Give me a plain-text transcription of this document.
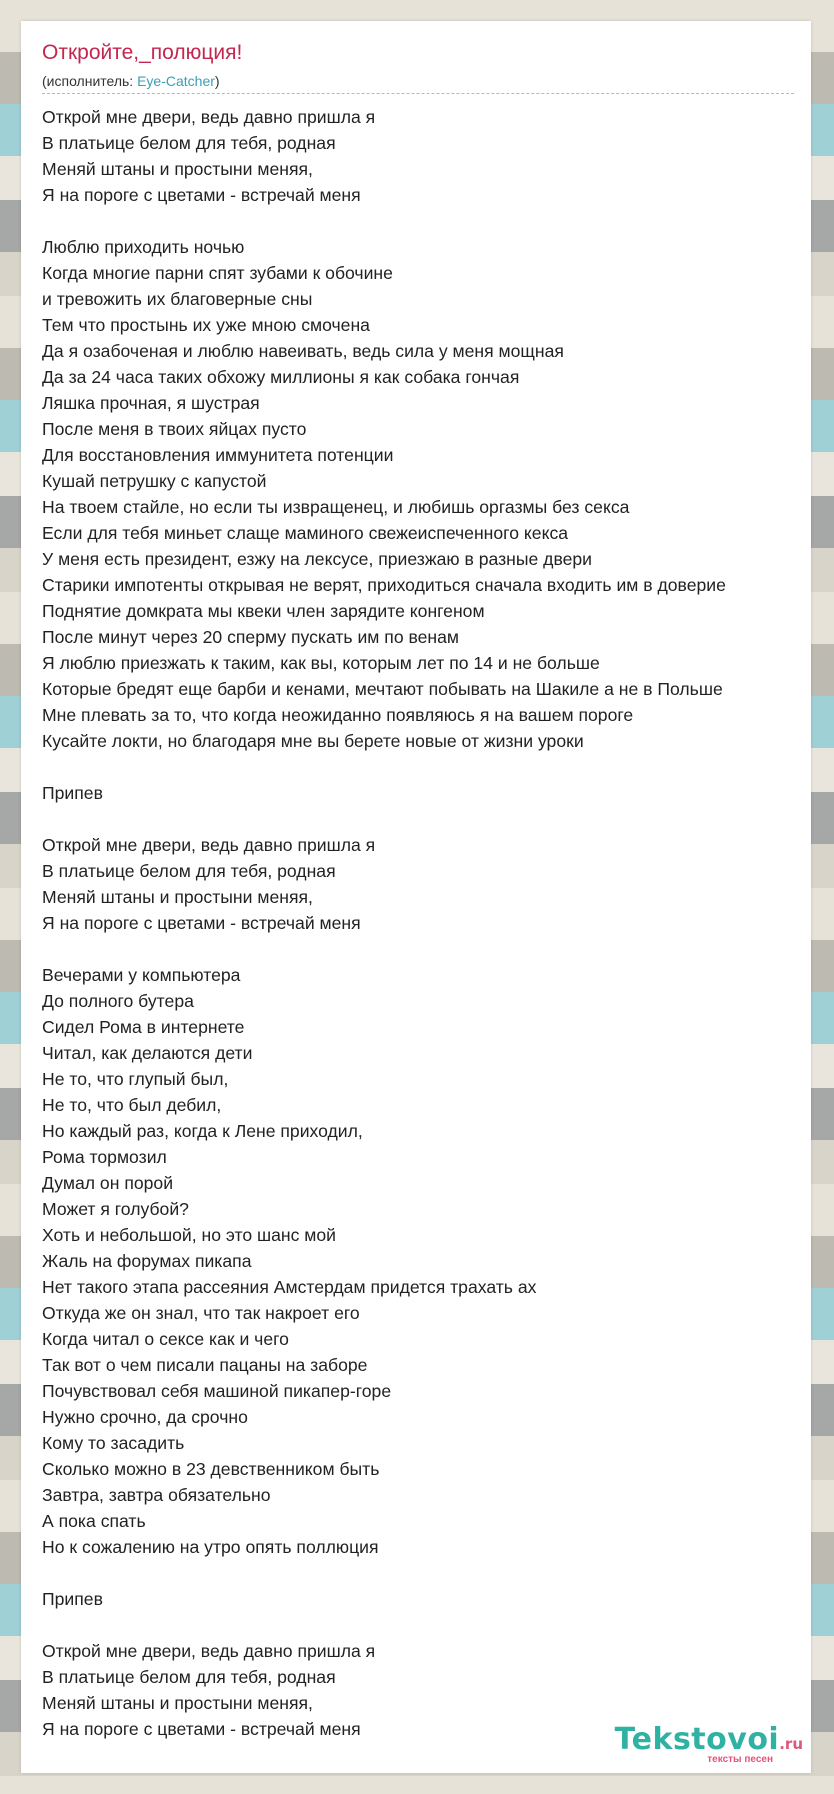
Откройте,_полюция!
(исполнитель: Eye-Catcher)
Открой мне двери, ведь давно пришла я
В платьице белом для тебя, родная
Меняй штаны и простыни меняя,
Я на пороге с цветами - встречай меня
Люблю приходить ночью
Когда многие парни спят зубами к обочине
и тревожить их благоверные сны
Тем что простынь их уже мною смочена
Да я озабоченая и люблю навеивать, ведь сила у меня мощная
Да за 24 часа таких обхожу миллионы я как собака гончая
Ляшка прочная, я шустрая
После меня в твоих яйцах пусто
Для восстановления иммунитета потенции
Кушай петрушку с капустой
На твоем стайле, но если ты извращенец, и любишь оргазмы без секса
Если для тебя миньет слаще маминого свежеиспеченного кекса
У меня есть президент, езжу на лексусе, приезжаю в разные двери
Старики импотенты открывая не верят, приходиться сначала входить им в доверие
Поднятие домкрата мы квеки член зарядите конгеном
После минут через 20 сперму пускать им по венам
Я люблю приезжать к таким, как вы, которым лет по 14 и не больше
Которые бредят еще барби и кенами, мечтают побывать на Шакиле а не в Польше
Мне плевать за то, что когда неожиданно появляюсь я на вашем пороге
Кусайте локти, но благодаря мне вы берете новые от жизни уроки
Припев
Открой мне двери, ведь давно пришла я
В платьице белом для тебя, родная
Меняй штаны и простыни меняя,
Я на пороге с цветами - встречай меня
Вечерами у компьютера
До полного бутера
Сидел Рома в интернете
Читал, как делаются дети
Не то, что глупый был,
Не то, что был дебил,
Но каждый раз, когда к Лене приходил,
Рома тормозил
Думал он порой
Может я голубой?
Хоть и небольшой, но это шанс мой
Жаль на форумах пикапа
Нет такого этапа рассеяния Амстердам придется трахать ах
Откуда же он знал, что так накроет его
Когда читал о сексе как и чего
Так вот о чем писали пацаны на заборе
Почувствовал себя машиной пикапер-горе
Нужно срочно, да срочно
Кому то засадить
Сколько можно в 23 девственником быть
Завтра, завтра обязательно
А пока спать
Но к сожалению на утро опять поллюция
Припев
Открой мне двери, ведь давно пришла я
В платьице белом для тебя, родная
Меняй штаны и простыни меняя,
Я на пороге с цветами - встречай меня	Tekstovoi.ru
тексты песен
